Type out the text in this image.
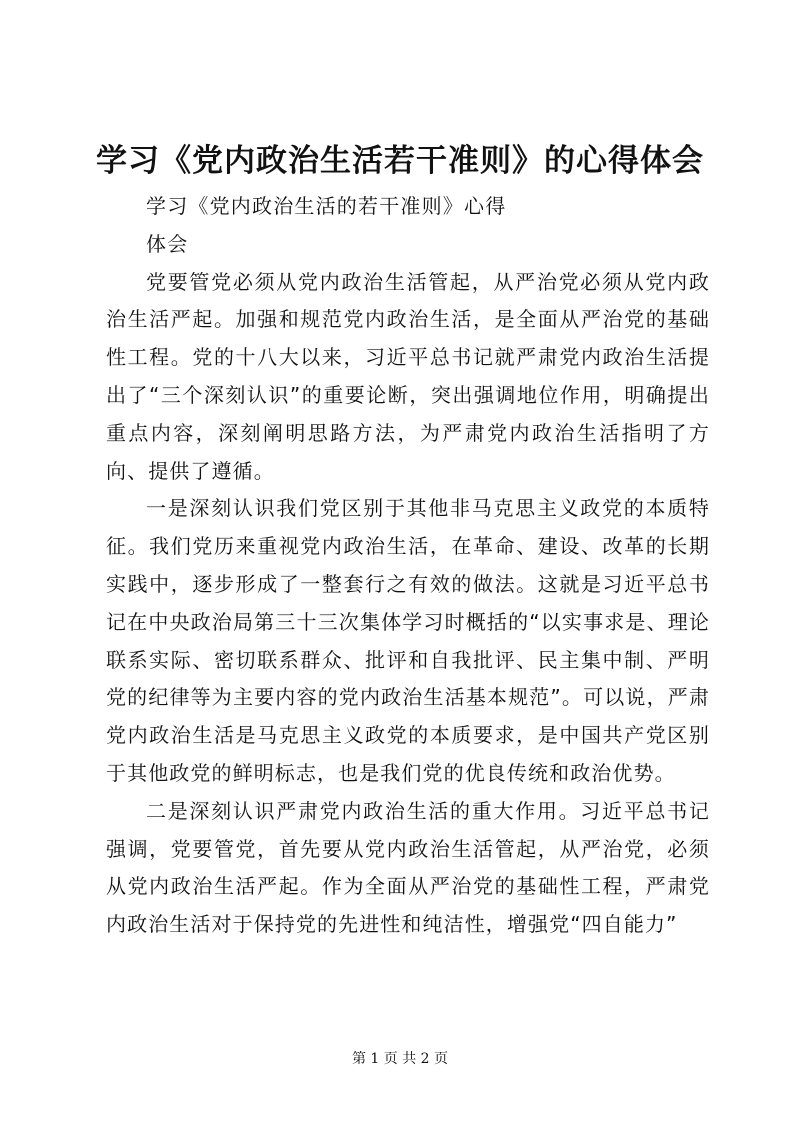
学习《党内政治生活若干准则》的心得体会

学习《党内政治生活的若干准则》心得

体会

党要管党必须从党内政治生活管起，从严治党必须从党内政治生活严起。加强和规范党内政治生活，是全面从严治党的基础性工程。党的十八大以来，习近平总书记就严肃党内政治生活提出了“三个深刻认识”的重要论断，突出强调地位作用，明确提出重点内容，深刻阐明思路方法，为严肃党内政治生活指明了方向、提供了遵循。

一是深刻认识我们党区别于其他非马克思主义政党的本质特征。我们党历来重视党内政治生活，在革命、建设、改革的长期实践中，逐步形成了一整套行之有效的做法。这就是习近平总书记在中央政治局第三十三次集体学习时概括的“以实事求是、理论联系实际、密切联系群众、批评和自我批评、民主集中制、严明党的纪律等为主要内容的党内政治生活基本规范”。可以说，严肃党内政治生活是马克思主义政党的本质要求，是中国共产党区别于其他政党的鲜明标志，也是我们党的优良传统和政治优势。

二是深刻认识严肃党内政治生活的重大作用。习近平总书记强调，党要管党，首先要从党内政治生活管起，从严治党，必须从党内政治生活严起。作为全面从严治党的基础性工程，严肃党内政治生活对于保持党的先进性和纯洁性，增强党“四自能力”

第 1 页 共 2 页
